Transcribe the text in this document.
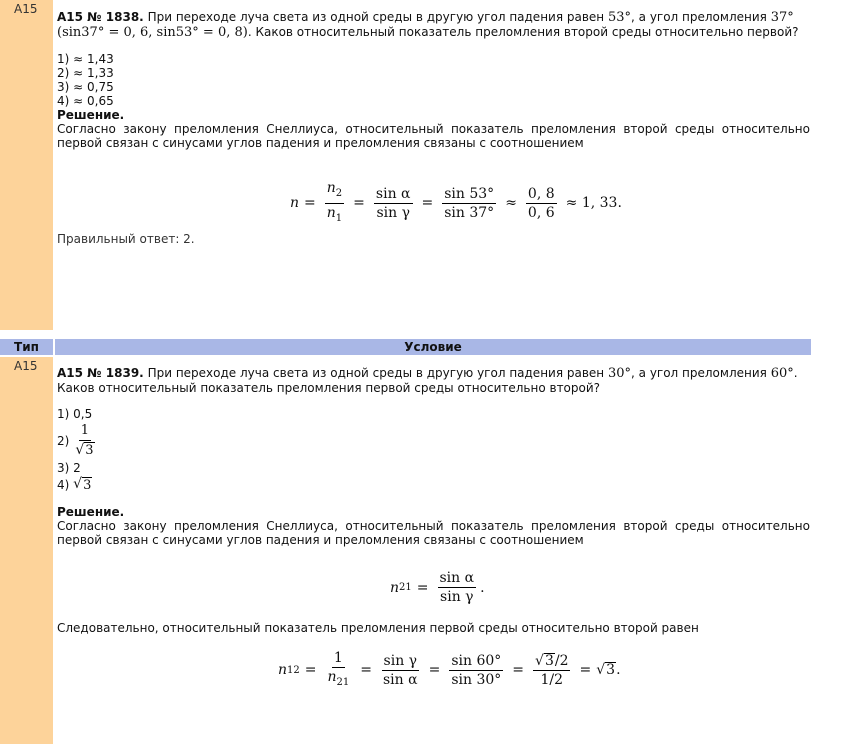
A15
A15 № 1838. При переходе луча света из одной среды в другую угол падения равен 53°, а угол преломления 37°
(sin37° = 0, 6, sin53° = 0, 8). Каков относительный показатель преломления второй среды относительно первой?

1) ≈ 1,43

2) ≈ 1,33

3) ≈ 0,75

4) ≈ 0,65

Решение.
Согласно закону преломления Снеллиуса, относительный показатель преломления второй среды относительно первой связан с синусами углов падения и преломления связаны с соотношением
$n = \frac{n_2}{n_1} = \frac{\text{sin α}}{\text{sin γ}} = \frac{\sin 53^\circ}{\sin 37^\circ} \approx \frac{0, 8}{0, 6} \approx 1$, 33.
Правильный ответ: 2.
Тип	Условие
A15	A15 № 1839. При переходе луча света из одной среды в другую угол падения равен 30°, а угол преломления 60°. Каков относительный показатель преломления первой среды относительно второй?

1) 0,5

$2) \frac{1}{√ 3}$

3) 2

4)
√ 3
Решение.
Согласно закону преломления Снеллиуса, относительный показатель преломления второй среды относительно первой связан с синусами углов падения и преломления связаны с соотношением
n $21 = \frac{\text{sin α}}{\text{sin γ}}$ .
Следовательно, относительный показатель преломления первой среды относительно второй равен
n $12 = \frac{1}{n_{21}} = \frac{\text{sin γ}}{\text{sin α}} = \frac{\sin 60^\circ}{\sin 30^\circ} = \frac{√ 3 /2}{1/2}$ = √ 3 .
